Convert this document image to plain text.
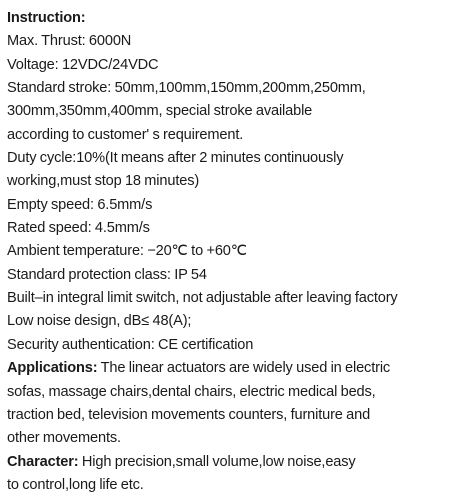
Instruction:
Max. Thrust: 6000N
Voltage: 12VDC/24VDC
Standard stroke: 50mm,100mm,150mm,200mm,250mm,
300mm,350mm,400mm, special stroke available
according to customer' s requirement.
Duty cycle:10%(It means after 2 minutes continuously
working,must stop 18 minutes)
Empty speed: 6.5mm/s
Rated speed: 4.5mm/s
Ambient temperature: −20℃ to +60℃
Standard protection class: IP 54
Built–in integral limit switch, not adjustable after leaving factory
Low noise design, dB≤ 48(A);
Security authentication: CE certification
Applications: The linear actuators are widely used in electric
sofas, massage chairs,dental chairs, electric medical beds,
traction bed, television movements counters, furniture and
other movements.
Character: High precision,small volume,low noise,easy
to control,long life etc.
